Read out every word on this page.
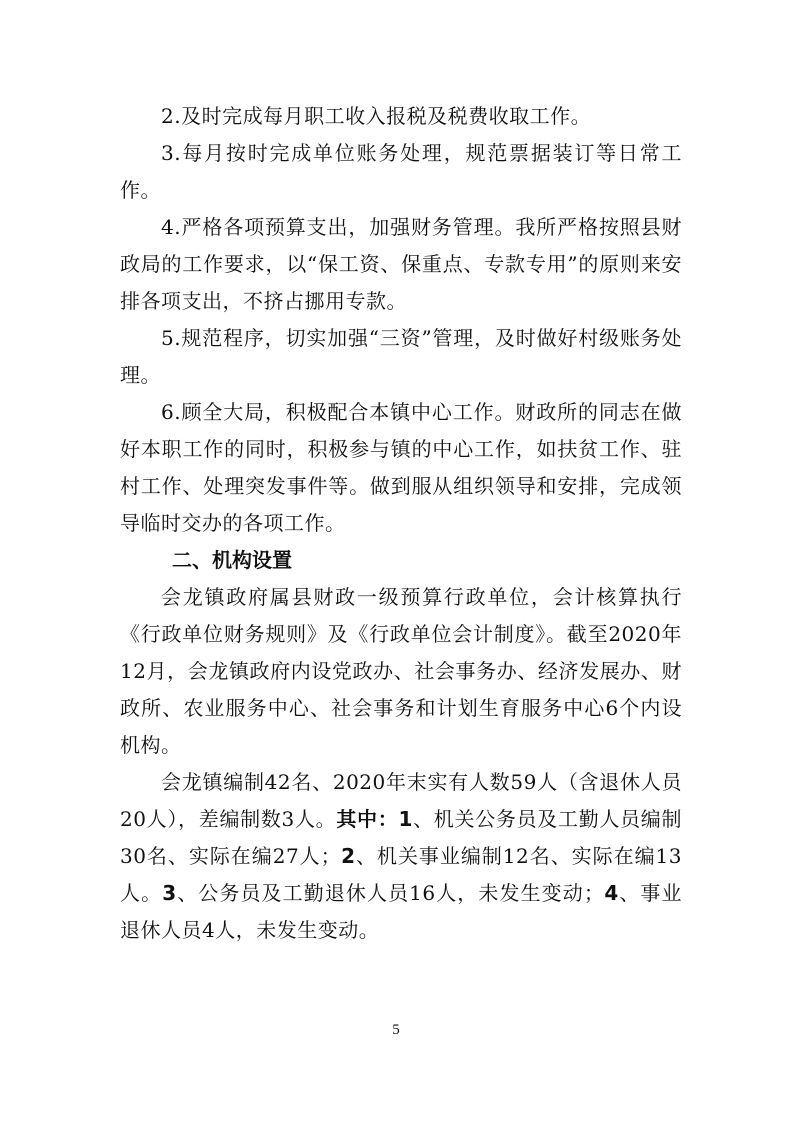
2.及时完成每月职工收入报税及税费收取工作。

3.每月按时完成单位账务处理，规范票据装订等日常工作。

4.严格各项预算支出，加强财务管理。我所严格按照县财政局的工作要求，以“保工资、保重点、专款专用”的原则来安排各项支出，不挤占挪用专款。

5.规范程序，切实加强“三资”管理，及时做好村级账务处理。

6.顾全大局，积极配合本镇中心工作。财政所的同志在做好本职工作的同时，积极参与镇的中心工作，如扶贫工作、驻村工作、处理突发事件等。做到服从组织领导和安排，完成领导临时交办的各项工作。

二、机构设置

会龙镇政府属县财政一级预算行政单位，会计核算执行《行政单位财务规则》及《行政单位会计制度》。截至2020年12月，会龙镇政府内设党政办、社会事务办、经济发展办、财政所、农业服务中心、社会事务和计划生育服务中心6个内设机构。

会龙镇编制42名、2020年末实有人数59人（含退休人员20人），差编制数3人。其中：1、机关公务员及工勤人员编制30名、实际在编27人；2、机关事业编制12名、实际在编13人。3、公务员及工勤退休人员16人，未发生变动；4、事业退休人员4人，未发生变动。

5
